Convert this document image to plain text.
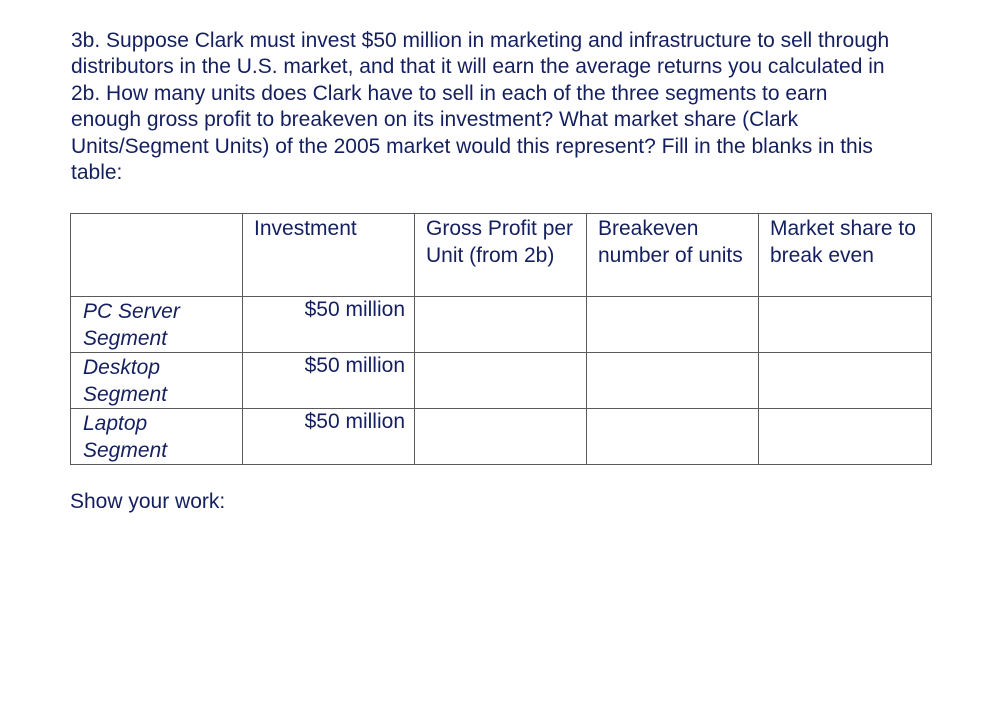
3b. Suppose Clark must invest $50 million in marketing and infrastructure to sell through
distributors in the U.S. market, and that it will earn the average returns you calculated in
2b. How many units does Clark have to sell in each of the three segments to earn
enough gross profit to breakeven on its investment? What market share (Clark
Units/Segment Units) of the 2005 market would this represent? Fill in the blanks in this
table:

	Investment	Gross Profit per Unit (from 2b)	Breakeven number of units	Market share to break even
PC Server Segment	$50 million			
Desktop Segment	$50 million			
Laptop Segment	$50 million			

Show your work:
